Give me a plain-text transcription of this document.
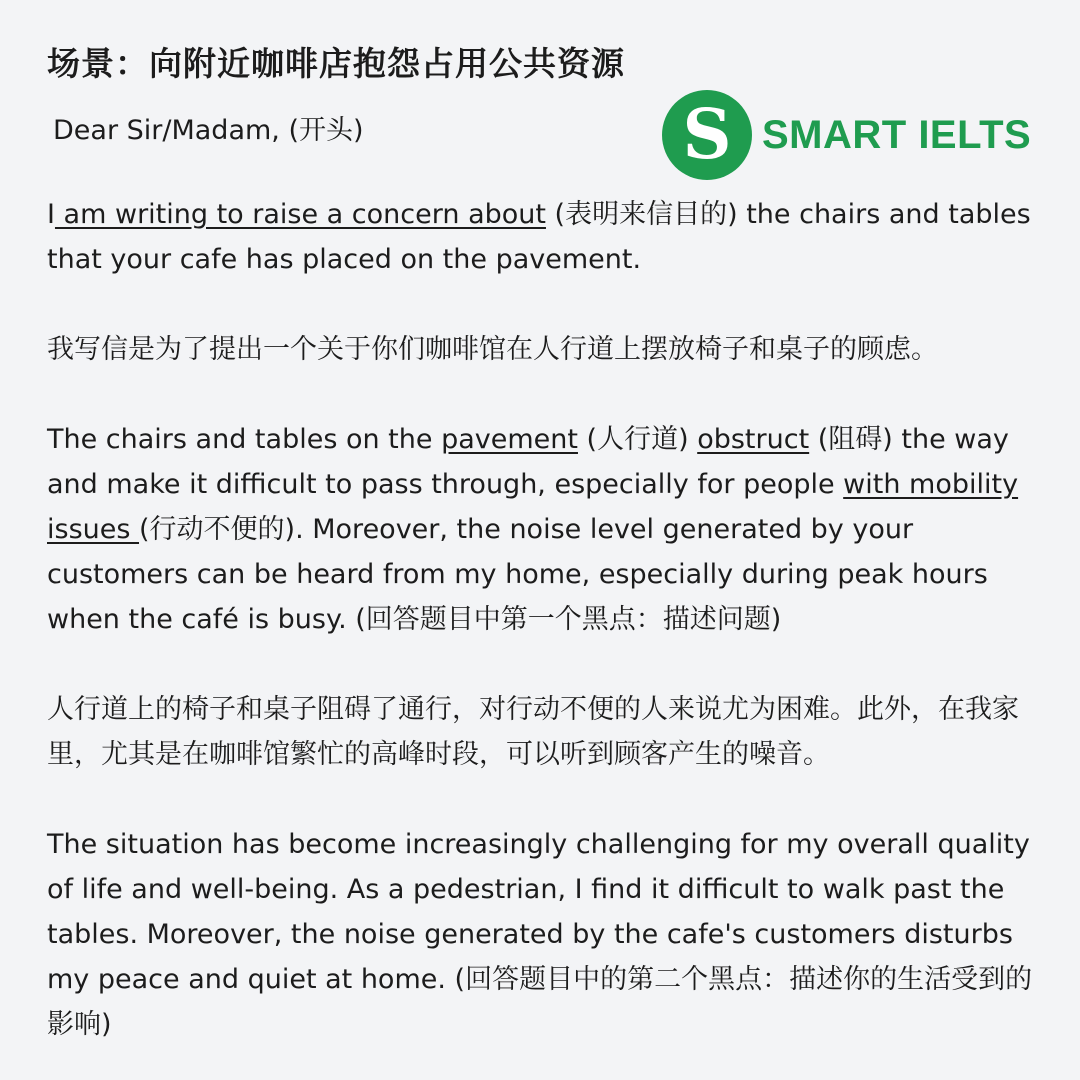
场景：向附近咖啡店抱怨占用公共资源
Dear Sir/Madam, (开头)	S SMART IELTS
I am writing to raise a concern about (表明来信目的) the chairs and tables that your cafe has placed on the pavement.
我写信是为了提出一个关于你们咖啡馆在人行道上摆放椅子和桌子的顾虑。
The chairs and tables on the pavement (人行道) obstruct (阻碍) the way and make it difficult to pass through, especially for people with mobility issues (行动不便的). Moreover, the noise level generated by your customers can be heard from my home, especially during peak hours when the café is busy. (回答题目中第一个黑点：描述问题)
人行道上的椅子和桌子阻碍了通行，对行动不便的人来说尤为困难。此外，在我家里，尤其是在咖啡馆繁忙的高峰时段，可以听到顾客产生的噪音。
The situation has become increasingly challenging for my overall quality of life and well-being. As a pedestrian, I find it difficult to walk past the tables. Moreover, the noise generated by the cafe's customers disturbs my peace and quiet at home. (回答题目中的第二个黑点：描述你的生活受到的影响)
